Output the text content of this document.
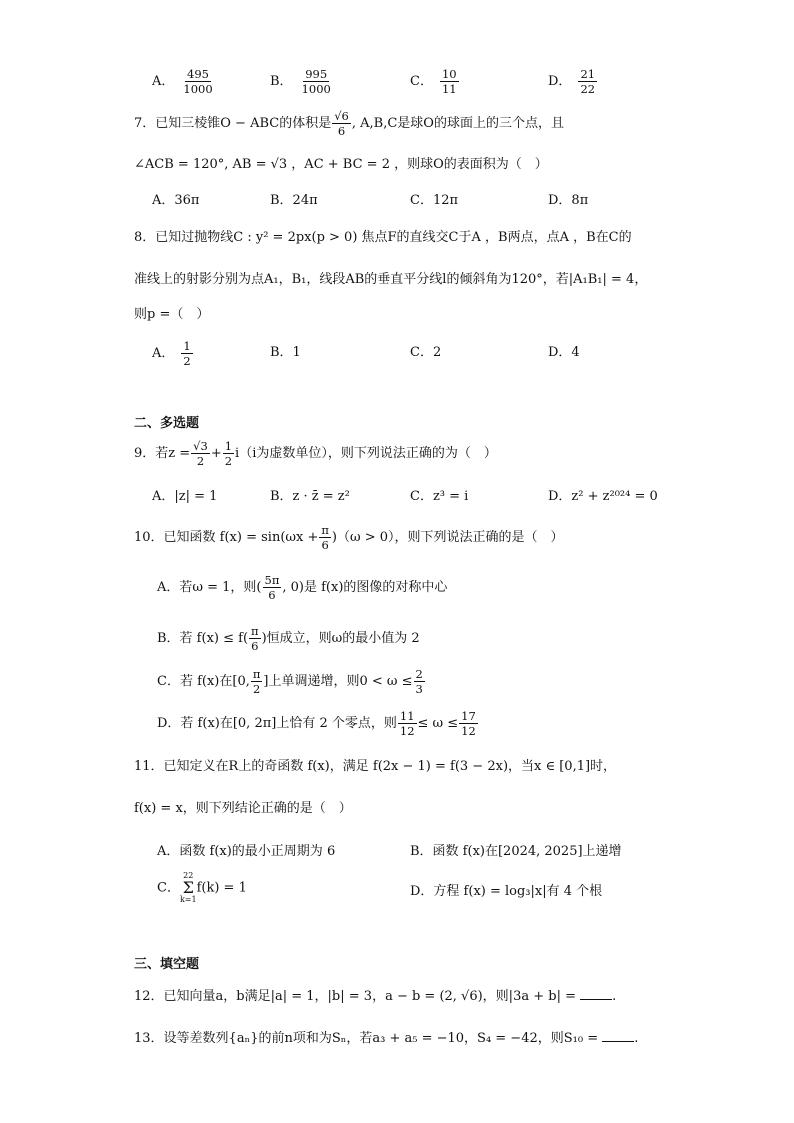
A． $\frac{495}{1000}$	B． $\frac{995}{1000}$	C． $\frac{10}{11}$	D． $\frac{21}{22}$
7．已知三棱锥O − ABC的体积是 $\frac{√6}{6}$ , A,B,C是球O的球面上的三个点，且
∠ACB = 120°, AB = √3 ，AC + BC = 2 ，则球O的表面积为（　）
A．36π	B．24π	C．12π	D．8π
8．已知过抛物线C : y² = 2px(p > 0) 焦点F的直线交C于A ，B两点，点A ，B在C的
准线上的射影分别为点A₁，B₁，线段AB的垂直平分线l的倾斜角为120°，若|A₁B₁| = 4，
则p =（　）
A． $\frac{1}{2}$	B．1	C．2	D．4
二、多选题
9．若$z = \frac{√3}{2} + \frac{1}{2} i(i$为虚数单位），则下列说法正确的为（　）
A．|z| = 1	B．z · z̄ = z²	C．z³ = i	D．z² + z²⁰²⁴ = 0
10．已知函数 $f(x) = \sin(\omega x + \frac{\pi}{6} )(\omega > 0)$，则下列说法正确的是（　）
A．若ω = 1，则( $\frac{5\pi}{6}$ , 0)是 f(x)的图像的对称中心
B．若 $f(x) \le f( \frac{\pi}{6}$ )恒成立，则ω的最小值为 2
C．若 f(x)在[0, $\frac{\pi}{2}$ ]上单调递增，则$0 < \omega \le \frac{2}{3}$
D．若 f(x)在[0, 2π]上恰有 2 个零点，则 $\frac{11}{12} \le \omega \le \frac{17}{12}$
11．已知定义在R上的奇函数 f(x)，满足 f(2x − 1) = f(3 − 2x)，当x ∈ [0,1]时，
f(x) = x，则下列结论正确的是（　）
A．函数 f(x)的最小正周期为 6	B．函数 f(x)在[2024, 2025]上递增
C．
22
Σ
k=1
f(k) = 1	D．方程 f(x) = log₃|x|有 4 个根
三、填空题
12．已知向量a，b满足|a| = 1，|b| = 3，a − b = (2, √6)，则|3a + b| =	.
13．设等差数列{aₙ}的前n项和为Sₙ，若a₃ + a₅ = −10，S₄ = −42，则S₁₀ =	.
